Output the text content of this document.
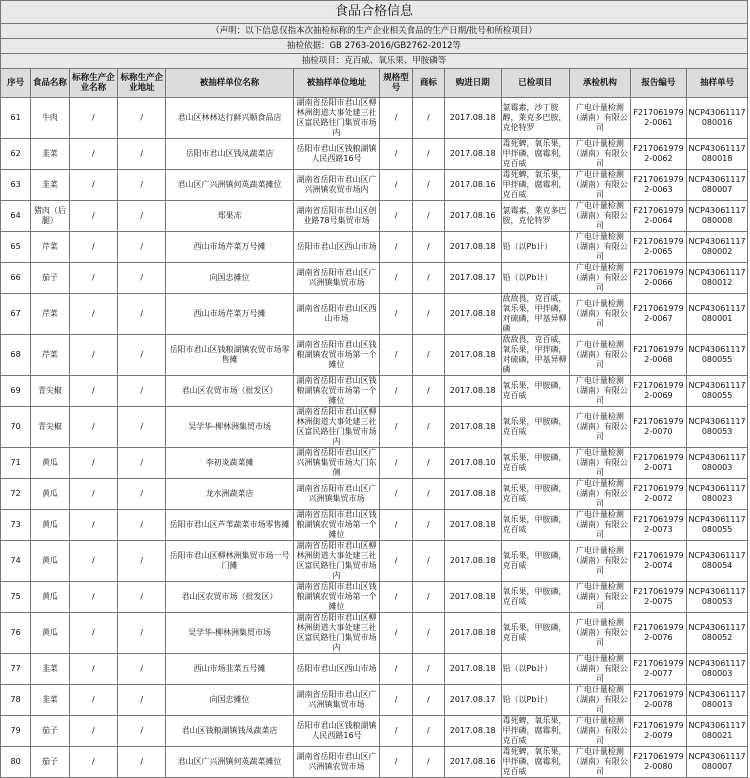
食品合格信息												
（声明：以下信息仅指本次抽检标称的生产企业相关食品的生产日期/批号和所检项目）												
抽检依据：GB 2763-2016/GB2762-2012等												
抽检项目：克百威、氧乐果、甲胺磷等												
序号	食品名称	标称生产企业名称	标称生产企业地址	被抽样单位名称	被抽样单位地址	规格型号	商标	购进日期	已检项目	承检机构	报告编号	抽样单号
61	牛肉	/	/	君山区林林达行鲜兴顺食品店	湖南省岳阳市君山区柳林洲街道大事处建三社区富民路往门集贸市场内	/	/	2017.08.18	氯霉素，沙丁胺醇，莱克多巴胺，克伦特罗	广电计量检测（湖南）有限公司	F2170619792-0061	NCP43061117080016
62	韭菜	/	/	岳阳市君山区钱凤蔬菜店	岳阳市君山区钱粮湖镇人民西路16号	/	/	2017.08.18	毒死蜱，氧乐果，甲拌磷，腐霉利，克百威	广电计量检测（湖南）有限公司	F2170619792-0062	NCP43061117080018
63	韭菜	/	/	君山区广兴洲镇何英蔬菜摊位	湖南省岳阳市君山区广兴洲镇农贸市场内	/	/	2017.08.16	毒死蜱，氧乐果，甲拌磷，腐霉利，克百威	广电计量检测（湖南）有限公司	F2170619792-0063	NCP43061117080007
64	猪肉（后腿）	/	/	郑果冻	湖南省岳阳市君山区创业路78号集贸市场	/	/	2017.08.16	氯霉素，莱克多巴胺，克伦特罗	广电计量检测（湖南）有限公司	F2170619792-0064	NCP43061117080008
65	芹菜	/	/	西山市场芹菜万号摊	岳阳市君山区西山市场	/	/	2017.08.18	铅（以Pb计）	广电计量检测（湖南）有限公司	F2170619792-0065	NCP43061117080002
66	茄子	/	/	向国忠摊位	湖南省岳阳市君山区广兴洲镇集贸市场	/	/	2017.08.17	铅（以Pb计）	广电计量检测（湖南）有限公司	F2170619792-0066	NCP43061117080012
67	芹菜	/	/	西山市场芹菜万号摊	湖南省岳阳市君山区西山市场	/	/	2017.08.18	敌敌畏，克百威，氧乐果，甲拌磷，对硫磷，甲基异柳磷	广电计量检测（湖南）有限公司	F2170619792-0067	NCP43061117080001
68	芹菜	/	/	岳阳市君山区钱粮湖镇农贸市场零售摊	湖南省岳阳市君山区钱粮湖镇农贸市场第一个摊位	/	/	2017.08.18	敌敌畏，克百威，氧乐果，甲拌磷，对硫磷，甲基异柳磷	广电计量检测（湖南）有限公司	F2170619792-0068	NCP43061117080055
69	青尖椒	/	/	君山区农贸市场（批发区）	湖南省岳阳市君山区钱粮湖镇农贸市场第一个摊位	/	/	2017.08.18	氧乐果，甲胺磷，克百威	广电计量检测（湖南）有限公司	F2170619792-0069	NCP43061117080055
70	青尖椒	/	/	吴学华-柳林洲集贸市场	湖南省岳阳市君山区柳林洲街道大事处建三社区富民路往门集贸市场内	/	/	2017.08.18	氧乐果，甲胺磷，克百威	广电计量检测（湖南）有限公司	F2170619792-0070	NCP43061117080053
71	黄瓜	/	/	李初炎蔬菜摊	湖南省岳阳市君山区广兴洲镇集贸市场大门东侧	/	/	2017.08.10	氧乐果，甲胺磷，克百威	广电计量检测（湖南）有限公司	F2170619792-0071	NCP43061117080003
72	黄瓜	/	/	龙水洲蔬菜店	湖南省岳阳市君山区广兴洲镇集贸市场	/	/	2017.08.18	氧乐果，甲胺磷，克百威	广电计量检测（湖南）有限公司	F2170619792-0072	NCP43061117080023
73	黄瓜	/	/	岳阳市君山区芦苇蔬菜市场零售摊	湖南省岳阳市君山区钱粮湖镇农贸市场第一个摊位	/	/	2017.08.18	氧乐果，甲胺磷，克百威	广电计量检测（湖南）有限公司	F2170619792-0073	NCP43061117080055
74	黄瓜	/	/	岳阳市君山区柳林洲集贸市场一号门摊	湖南省岳阳市君山区柳林洲街道大事处建三社区富民路往门集贸市场内	/	/	2017.08.18	氧乐果，甲胺磷，克百威	广电计量检测（湖南）有限公司	F2170619792-0074	NCP43061117080054
75	黄瓜	/	/	君山区农贸市场（批发区）	湖南省岳阳市君山区钱粮湖镇农贸市场第一个摊位	/	/	2017.08.18	氧乐果，甲胺磷，克百威	广电计量检测（湖南）有限公司	F2170619792-0075	NCP43061117080053
76	黄瓜	/	/	吴学华-柳林洲集贸市场	湖南省岳阳市君山区柳林洲街道大事处建三社区富民路往门集贸市场内	/	/	2017.08.18	氧乐果，甲胺磷，克百威	广电计量检测（湖南）有限公司	F2170619792-0076	NCP43061117080052
77	韭菜	/	/	西山市场韭菜五号摊	岳阳市君山区西山市场	/	/	2017.08.18	铅（以Pb计）	广电计量检测（湖南）有限公司	F2170619792-0077	NCP43061117080003
78	韭菜	/	/	向国忠摊位	湖南省岳阳市君山区广兴洲镇集贸市场	/	/	2017.08.17	铅（以Pb计）	广电计量检测（湖南）有限公司	F2170619792-0078	NCP43061117080013
79	茄子	/	/	君山区钱粮湖镇钱凤蔬菜店	岳阳市君山区钱粮湖镇人民西路16号	/	/	2017.08.18	毒死蜱，氧乐果，甲拌磷，腐霉利，克百威	广电计量检测（湖南）有限公司	F2170619792-0079	NCP43061117080021
80	茄子	/	/	君山区广兴洲镇何英蔬菜摊位	湖南省岳阳市君山区广兴洲镇农贸市场	/	/	2017.08.16	毒死蜱，氧乐果，甲拌磷，腐霉利，克百威	广电计量检测（湖南）有限公司	F2170619792-0080	NCP43061117080007
